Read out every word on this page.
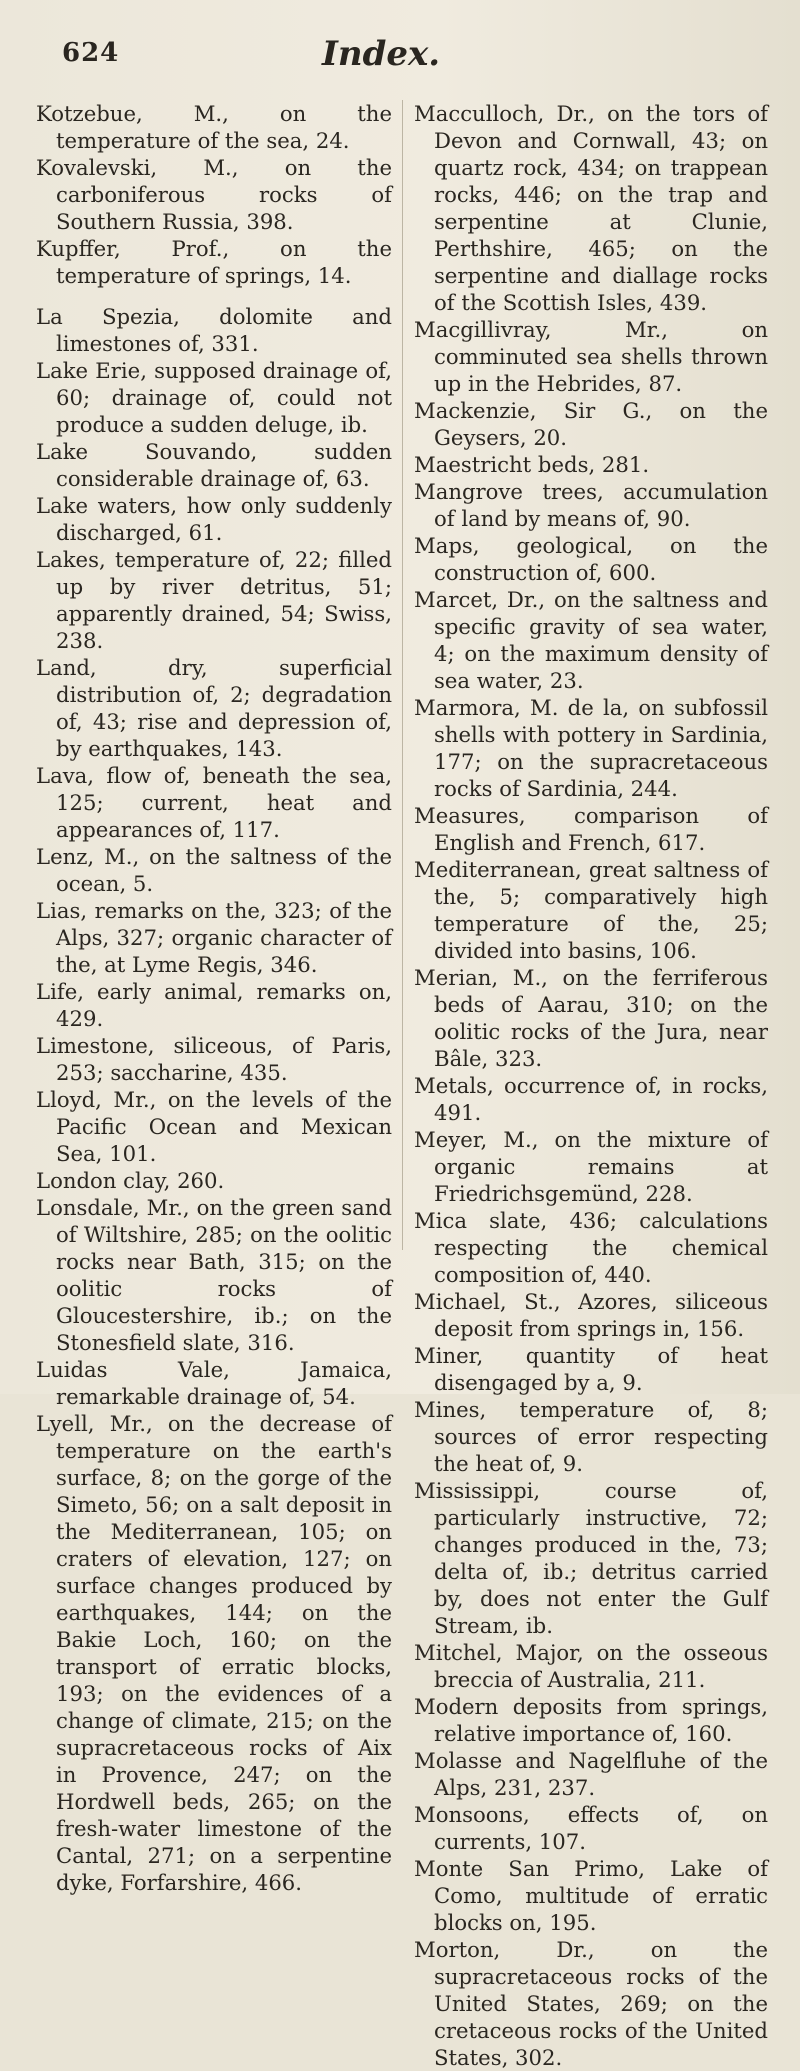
624	Index.

Kotzebue, M., on the temperature of the sea, 24.

Kovalevski, M., on the carboniferous rocks of Southern Russia, 398.

Kupffer, Prof., on the temperature of springs, 14.

La Spezia, dolomite and limestones of, 331.

Lake Erie, supposed drainage of, 60; drainage of, could not produce a sudden deluge, ib.

Lake Souvando, sudden considerable drainage of, 63.

Lake waters, how only suddenly discharged, 61.

Lakes, temperature of, 22; filled up by river detritus, 51; apparently drained, 54; Swiss, 238.

Land, dry, superficial distribution of, 2; degradation of, 43; rise and depression of, by earthquakes, 143.

Lava, flow of, beneath the sea, 125; current, heat and appearances of, 117.

Lenz, M., on the saltness of the ocean, 5.

Lias, remarks on the, 323; of the Alps, 327; organic character of the, at Lyme Regis, 346.

Life, early animal, remarks on, 429.

Limestone, siliceous, of Paris, 253; saccharine, 435.

Lloyd, Mr., on the levels of the Pacific Ocean and Mexican Sea, 101.

London clay, 260.

Lonsdale, Mr., on the green sand of Wiltshire, 285; on the oolitic rocks near Bath, 315; on the oolitic rocks of Gloucestershire, ib.; on the Stonesfield slate, 316.

Luidas Vale, Jamaica, remarkable drainage of, 54.

Lyell, Mr., on the decrease of temperature on the earth's surface, 8; on the gorge of the Simeto, 56; on a salt deposit in the Mediterranean, 105; on craters of elevation, 127; on surface changes produced by earthquakes, 144; on the Bakie Loch, 160; on the transport of erratic blocks, 193; on the evidences of a change of climate, 215; on the supracretaceous rocks of Aix in Provence, 247; on the Hordwell beds, 265; on the fresh-water limestone of the Cantal, 271; on a serpentine dyke, Forfarshire, 466.

Macculloch, Dr., on the tors of Devon and Cornwall, 43; on quartz rock, 434; on trappean rocks, 446; on the trap and serpentine at Clunie, Perthshire, 465; on the serpentine and diallage rocks of the Scottish Isles, 439.

Macgillivray, Mr., on comminuted sea shells thrown up in the Hebrides, 87.

Mackenzie, Sir G., on the Geysers, 20.

Maestricht beds, 281.

Mangrove trees, accumulation of land by means of, 90.

Maps, geological, on the construction of, 600.

Marcet, Dr., on the saltness and specific gravity of sea water, 4; on the maximum density of sea water, 23.

Marmora, M. de la, on subfossil shells with pottery in Sardinia, 177; on the supracretaceous rocks of Sardinia, 244.

Measures, comparison of English and French, 617.

Mediterranean, great saltness of the, 5; comparatively high temperature of the, 25; divided into basins, 106.

Merian, M., on the ferriferous beds of Aarau, 310; on the oolitic rocks of the Jura, near Bâle, 323.

Metals, occurrence of, in rocks, 491.

Meyer, M., on the mixture of organic remains at Friedrichsgemünd, 228.

Mica slate, 436; calculations respecting the chemical composition of, 440.

Michael, St., Azores, siliceous deposit from springs in, 156.

Miner, quantity of heat disengaged by a, 9.

Mines, temperature of, 8; sources of error respecting the heat of, 9.

Mississippi, course of, particularly instructive, 72; changes produced in the, 73; delta of, ib.; detritus carried by, does not enter the Gulf Stream, ib.

Mitchel, Major, on the osseous breccia of Australia, 211.

Modern deposits from springs, relative importance of, 160.

Molasse and Nagelfluhe of the Alps, 231, 237.

Monsoons, effects of, on currents, 107.

Monte San Primo, Lake of Como, multitude of erratic blocks on, 195.

Morton, Dr., on the supracretaceous rocks of the United States, 269; on the cretaceous rocks of the United States, 302.
